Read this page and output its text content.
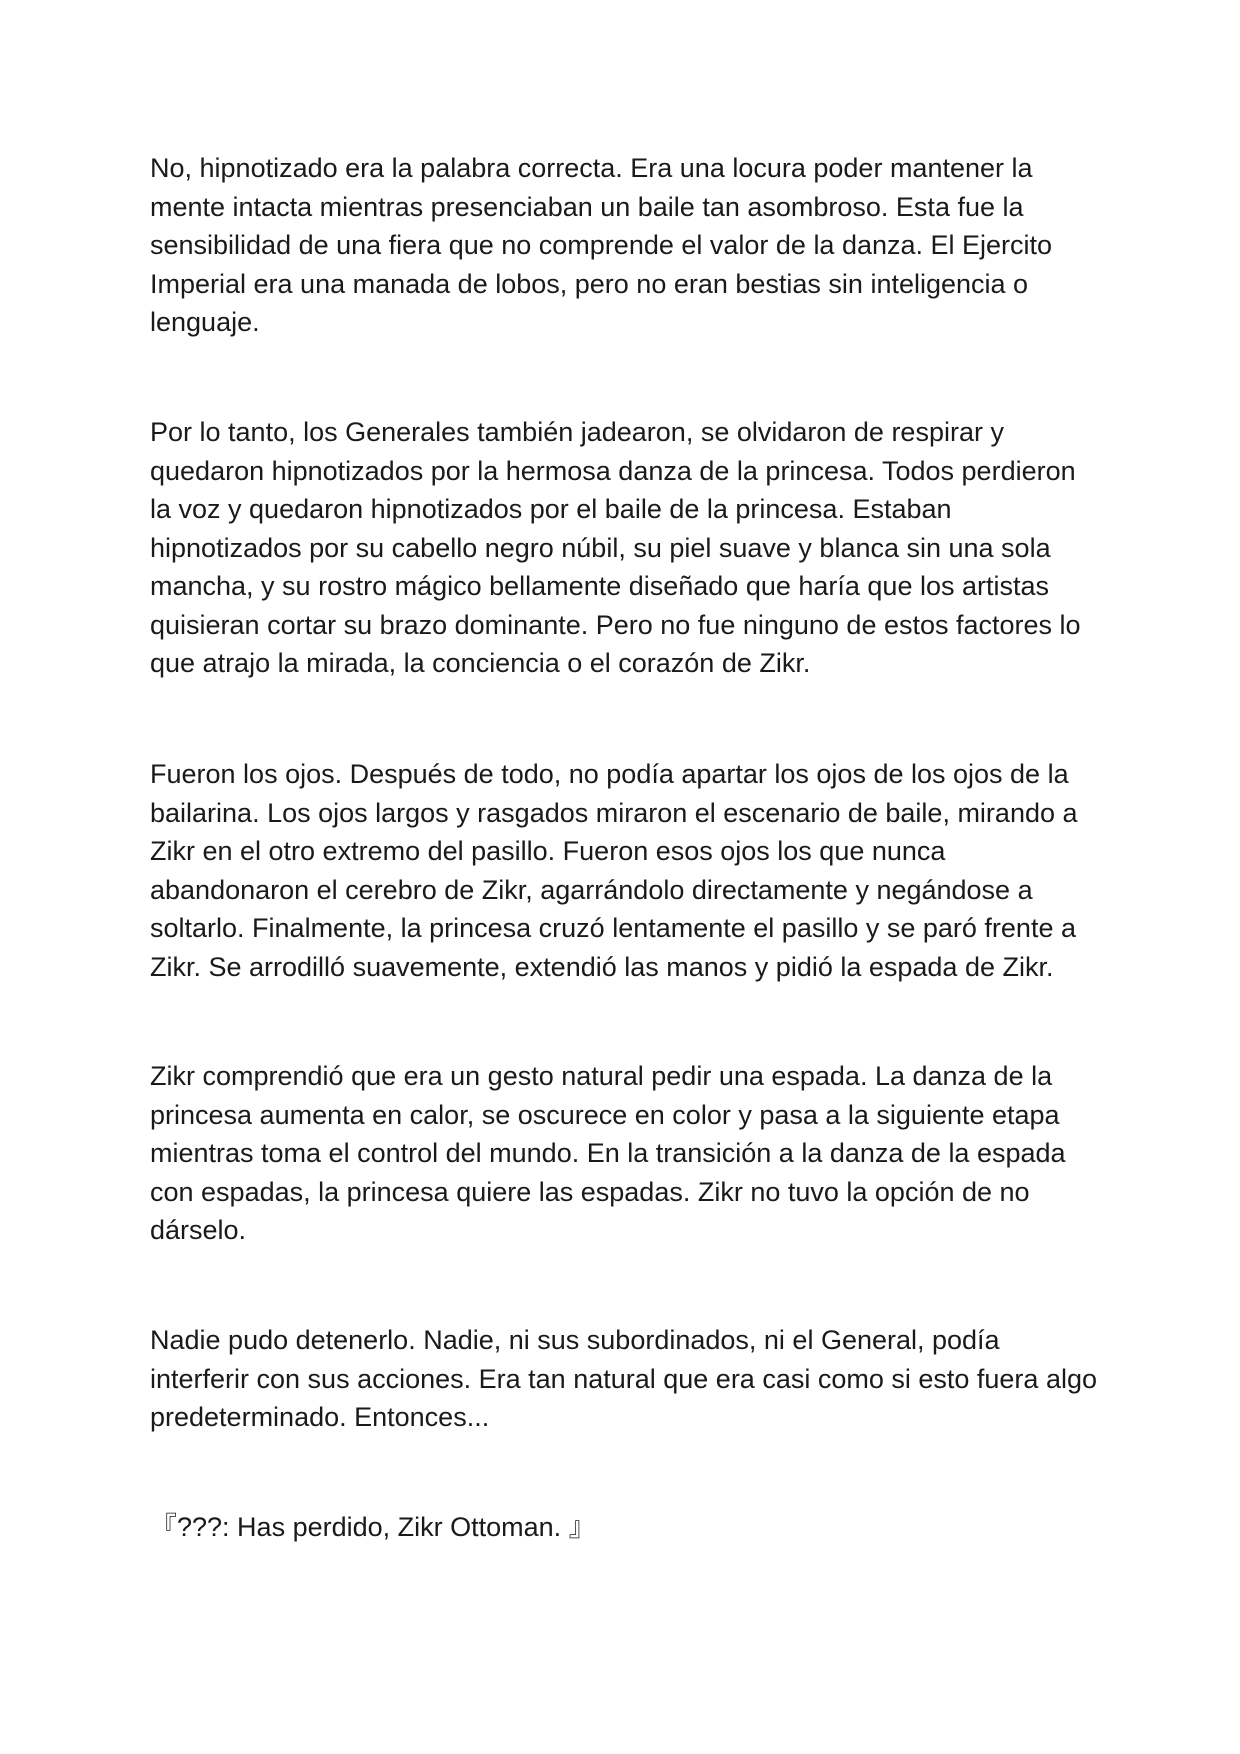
No, hipnotizado era la palabra correcta. Era una locura poder mantener la
mente intacta mientras presenciaban un baile tan asombroso. Esta fue la
sensibilidad de una fiera que no comprende el valor de la danza. El Ejercito
Imperial era una manada de lobos, pero no eran bestias sin inteligencia o
lenguaje.
Por lo tanto, los Generales también jadearon, se olvidaron de respirar y
quedaron hipnotizados por la hermosa danza de la princesa. Todos perdieron
la voz y quedaron hipnotizados por el baile de la princesa. Estaban
hipnotizados por su cabello negro núbil, su piel suave y blanca sin una sola
mancha, y su rostro mágico bellamente diseñado que haría que los artistas
quisieran cortar su brazo dominante. Pero no fue ninguno de estos factores lo
que atrajo la mirada, la conciencia o el corazón de Zikr.
Fueron los ojos. Después de todo, no podía apartar los ojos de los ojos de la
bailarina. Los ojos largos y rasgados miraron el escenario de baile, mirando a
Zikr en el otro extremo del pasillo. Fueron esos ojos los que nunca
abandonaron el cerebro de Zikr, agarrándolo directamente y negándose a
soltarlo. Finalmente, la princesa cruzó lentamente el pasillo y se paró frente a
Zikr. Se arrodilló suavemente, extendió las manos y pidió la espada de Zikr.
Zikr comprendió que era un gesto natural pedir una espada. La danza de la
princesa aumenta en calor, se oscurece en color y pasa a la siguiente etapa
mientras toma el control del mundo. En la transición a la danza de la espada
con espadas, la princesa quiere las espadas. Zikr no tuvo la opción de no
dárselo.
Nadie pudo detenerlo. Nadie, ni sus subordinados, ni el General, podía
interferir con sus acciones. Era tan natural que era casi como si esto fuera algo
predeterminado. Entonces...
『???: Has perdido, Zikr Ottoman. 』
